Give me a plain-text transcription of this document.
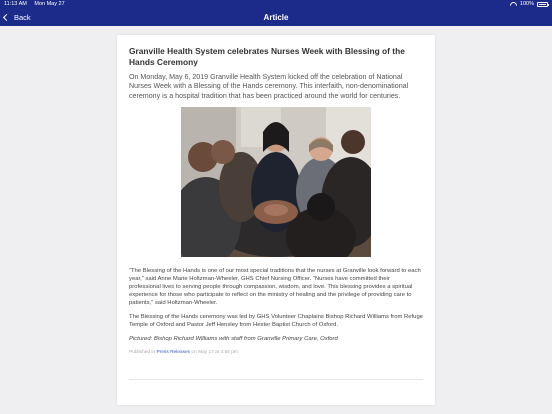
11:13 AM Mon May 27	100%
Back	Article
Granville Health System celebrates Nurses Week with Blessing of the Hands Ceremony

On Monday, May 6, 2019 Granville Health System kicked off the celebration of National Nurses Week with a Blessing of the Hands ceremony. This interfaith, non-denominational ceremony is a hospital tradition that has been practiced around the world for centuries.

“The Blessing of the Hands is one of our most special traditions that the nurses at Granville look forward to each year,” said Anne Marie Holtzman-Wheeler, GHS Chief Nursing Officer. “Nurses have committed their professional lives to serving people through compassion, wisdom, and love. This blessing provides a spiritual experience for those who participate to reflect on the ministry of healing and the privilege of providing care to patients,” said Holtzman-Wheeler.

The Blessing of the Hands ceremony was led by GHS Volunteer Chaplains Bishop Richard Williams from Refuge Temple of Oxford and Pastor Jeff Hensley from Hester Baptist Church of Oxford.

Pictured: Bishop Richard Williams with staff from Granville Primary Care, Oxford

Published in Press Releases on May 17 at 4:58 pm.
